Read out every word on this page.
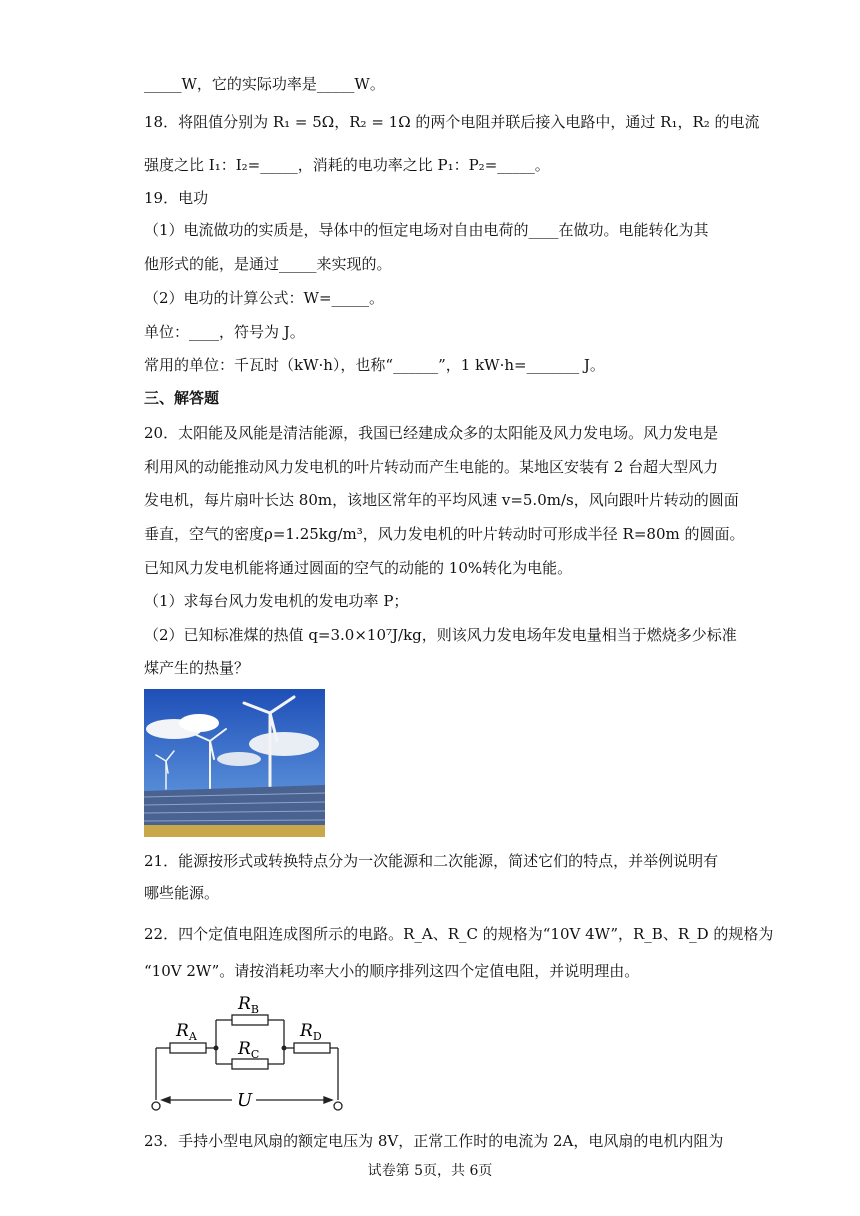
_____W，它的实际功率是_____W。
18．将阻值分别为 R₁ = 5Ω，R₂ = 1Ω 的两个电阻并联后接入电路中，通过 R₁，R₂ 的电流
强度之比 I₁：I₂=_____，消耗的电功率之比 P₁：P₂=_____。
19．电功
（1）电流做功的实质是，导体中的恒定电场对自由电荷的____在做功。电能转化为其
他形式的能，是通过_____来实现的。
（2）电功的计算公式：W=_____。
单位：____，符号为 J。
常用的单位：千瓦时（kW·h），也称“______”，1 kW·h=_______ J。
三、解答题
20．太阳能及风能是清洁能源，我国已经建成众多的太阳能及风力发电场。风力发电是
利用风的动能推动风力发电机的叶片转动而产生电能的。某地区安装有 2 台超大型风力
发电机，每片扇叶长达 80m，该地区常年的平均风速 v=5.0m/s，风向跟叶片转动的圆面
垂直，空气的密度ρ=1.25kg/m³，风力发电机的叶片转动时可形成半径 R=80m 的圆面。
已知风力发电机能将通过圆面的空气的动能的 10%转化为电能。
（1）求每台风力发电机的发电功率 P；
（2）已知标准煤的热值 q=3.0×10⁷J/kg，则该风力发电场年发电量相当于燃烧多少标准
煤产生的热量？
21．能源按形式或转换特点分为一次能源和二次能源，简述它们的特点，并举例说明有
哪些能源。
22．四个定值电阻连成图所示的电路。R_A、R_C 的规格为“10V 4W”，R_B、R_D 的规格为
“10V 2W”。请按消耗功率大小的顺序排列这四个定值电阻，并说明理由。
$R_A$
$R_B$
$R_C$
$R_D$
U
23．手持小型电风扇的额定电压为 8V，正常工作时的电流为 2A，电风扇的电机内阻为
试卷第 5页，共 6页
